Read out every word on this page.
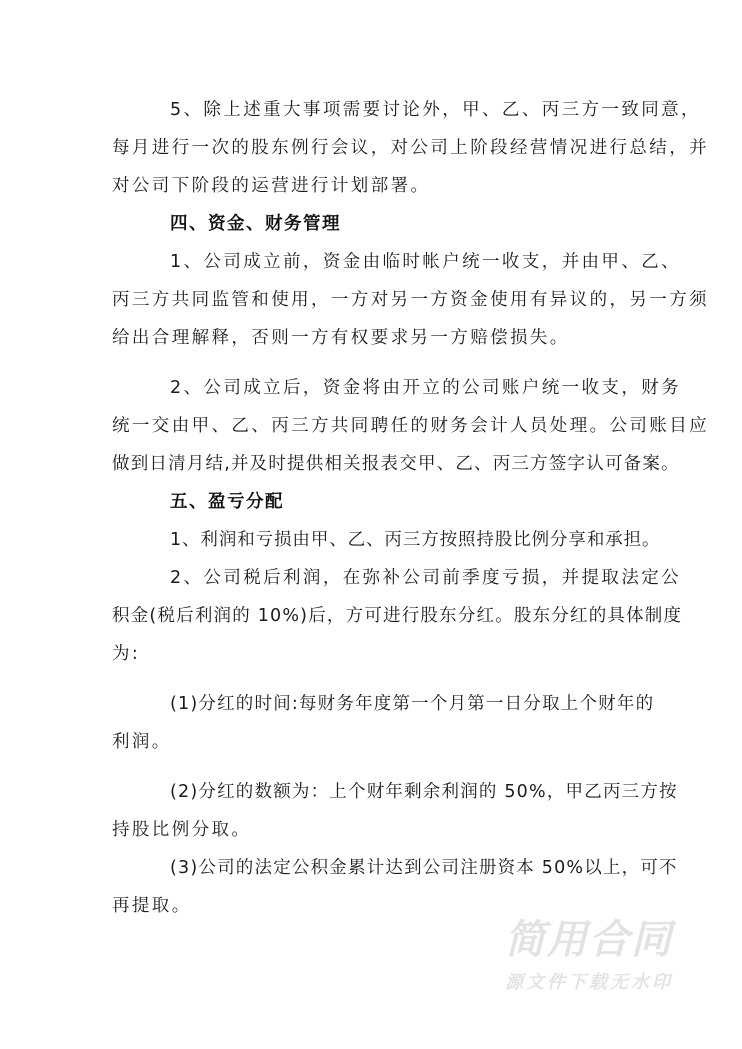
5、除上述重大事项需要讨论外，甲、乙、丙三方一致同意，
每月进行一次的股东例行会议，对公司上阶段经营情况进行总结，并
对公司下阶段的运营进行计划部署。
四、资金、财务管理
1、公司成立前，资金由临时帐户统一收支，并由甲、乙、
丙三方共同监管和使用，一方对另一方资金使用有异议的，另一方须
给出合理解释，否则一方有权要求另一方赔偿损失。
2、公司成立后，资金将由开立的公司账户统一收支，财务
统一交由甲、乙、丙三方共同聘任的财务会计人员处理。公司账目应
做到日清月结,并及时提供相关报表交甲、乙、丙三方签字认可备案。
五、盈亏分配
1、利润和亏损由甲、乙、丙三方按照持股比例分享和承担。
2、公司税后利润，在弥补公司前季度亏损，并提取法定公
积金(税后利润的 10%)后，方可进行股东分红。股东分红的具体制度
为:
(1)分红的时间:每财务年度第一个月第一日分取上个财年的
利润。
(2)分红的数额为：上个财年剩余利润的 50%，甲乙丙三方按
持股比例分取。
(3)公司的法定公积金累计达到公司注册资本 50%以上，可不
再提取。
简用合同
源文件下载无水印
